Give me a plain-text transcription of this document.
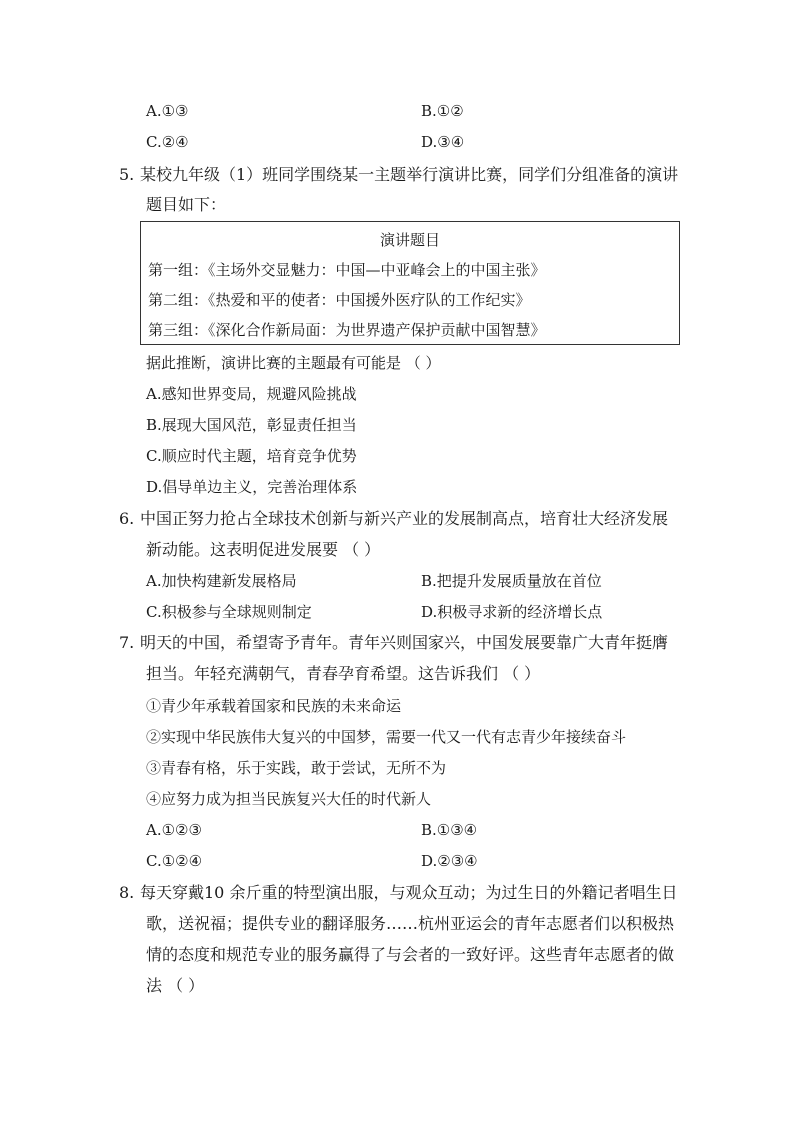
A.①③	B.①②
C.②④	D.③④
5. 某校九年级（1）班同学围绕某一主题举行演讲比赛，同学们分组准备的演讲
题目如下：
演讲题目
第一组：《主场外交显魅力：中国—中亚峰会上的中国主张》
第二组：《热爱和平的使者：中国援外医疗队的工作纪实》
第三组：《深化合作新局面：为世界遗产保护贡献中国智慧》
据此推断，演讲比赛的主题最有可能是 （ ）
A.感知世界变局，规避风险挑战
B.展现大国风范，彰显责任担当
C.顺应时代主题，培育竞争优势
D.倡导单边主义，完善治理体系
6. 中国正努力抢占全球技术创新与新兴产业的发展制高点，培育壮大经济发展
新动能。这表明促进发展要 （ ）
A.加快构建新发展格局	B.把提升发展质量放在首位
C.积极参与全球规则制定	D.积极寻求新的经济增长点
7. 明天的中国，希望寄予青年。青年兴则国家兴，中国发展要靠广大青年挺膺
担当。年轻充满朝气，青春孕育希望。这告诉我们 （ ）
①青少年承载着国家和民族的未来命运
②实现中华民族伟大复兴的中国梦，需要一代又一代有志青少年接续奋斗
③青春有格，乐于实践，敢于尝试，无所不为
④应努力成为担当民族复兴大任的时代新人
A.①②③	B.①③④
C.①②④	D.②③④
8. 每天穿戴10 余斤重的特型演出服，与观众互动；为过生日的外籍记者唱生日
歌，送祝福；提供专业的翻译服务……杭州亚运会的青年志愿者们以积极热
情的态度和规范专业的服务赢得了与会者的一致好评。这些青年志愿者的做
法 （ ）
